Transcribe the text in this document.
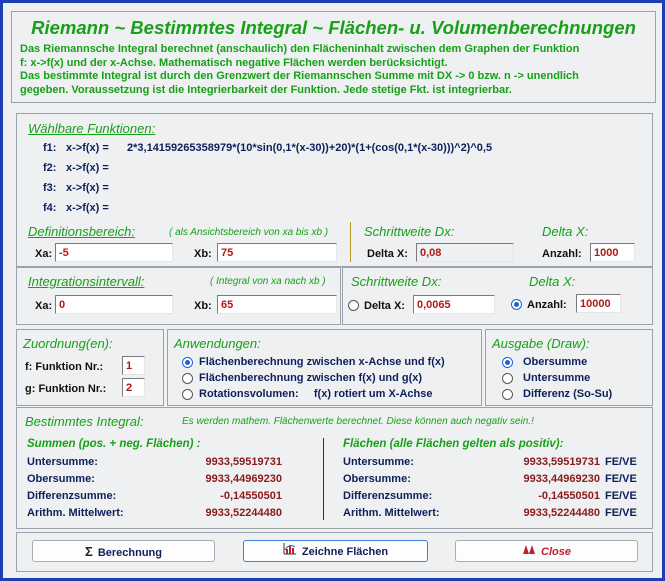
Riemann ~ Bestimmtes Integral ~ Flächen- u. Volumenberechnungen
Das Riemannsche Integral berechnet (anschaulich) den Flächeninhalt zwischen dem Graphen der Funktion
f: x->f(x) und der x-Achse. Mathematisch negative Flächen werden berücksichtigt.
Das bestimmte Integral ist durch den Grenzwert der Riemannschen Summe mit DX -> 0 bzw. n -> unendlich
gegeben. Voraussetzung ist die Integrierbarkeit der Funktion. Jede stetige Fkt. ist integrierbar.
Wählbare Funktionen:
f1: x->f(x) = 2*3,14159265358979*(10*sin(0,1*(x-30))+20)*(1+(cos(0,1*(x-30)))^2)^0,5
f2: x->f(x) =
f3: x->f(x) =
f4: x->f(x) =
Definitionsbereich:	( als Ansichtsbereich von xa bis xb )
Xa: -5	Xb: 75
Schrittweite Dx:	Delta X:
Delta X:	0,08	Anzahl:	1000
Integrationsintervall:	( Integral von xa nach xb )
Xa: 0	Xb: 65
Schrittweite Dx:	Delta X:
Delta X:	0,0065	Anzahl:	10000
Zuordnung(en):
f: Funktion Nr.:	1
g: Funktion Nr.:	2
Anwendungen:
Flächenberechnung zwischen x-Achse und f(x)
Flächenberechnung zwischen f(x) und g(x)
Rotationsvolumen:     f(x) rotiert um X-Achse
Ausgabe (Draw):
Obersumme
Untersumme
Differenz (So-Su)
Bestimmtes Integral:	Es werden mathem. Flächenwerte berechnet. Diese können auch negativ sein.!
Summen (pos. + neg. Flächen) :	Flächen (alle Flächen gelten als positiv):
Untersumme:	9933,59519731
Obersumme:	9933,44969230
Differenzsumme:	-0,14550501
Arithm. Mittelwert:	9933,52244480
Untersumme:	9933,59519731 FE/VE
Obersumme:	9933,44969230 FE/VE
Differenzsumme:	-0,14550501 FE/VE
Arithm. Mittelwert:	9933,52244480 FE/VE
Σ Berechnung	Zeichne Flächen	Close
